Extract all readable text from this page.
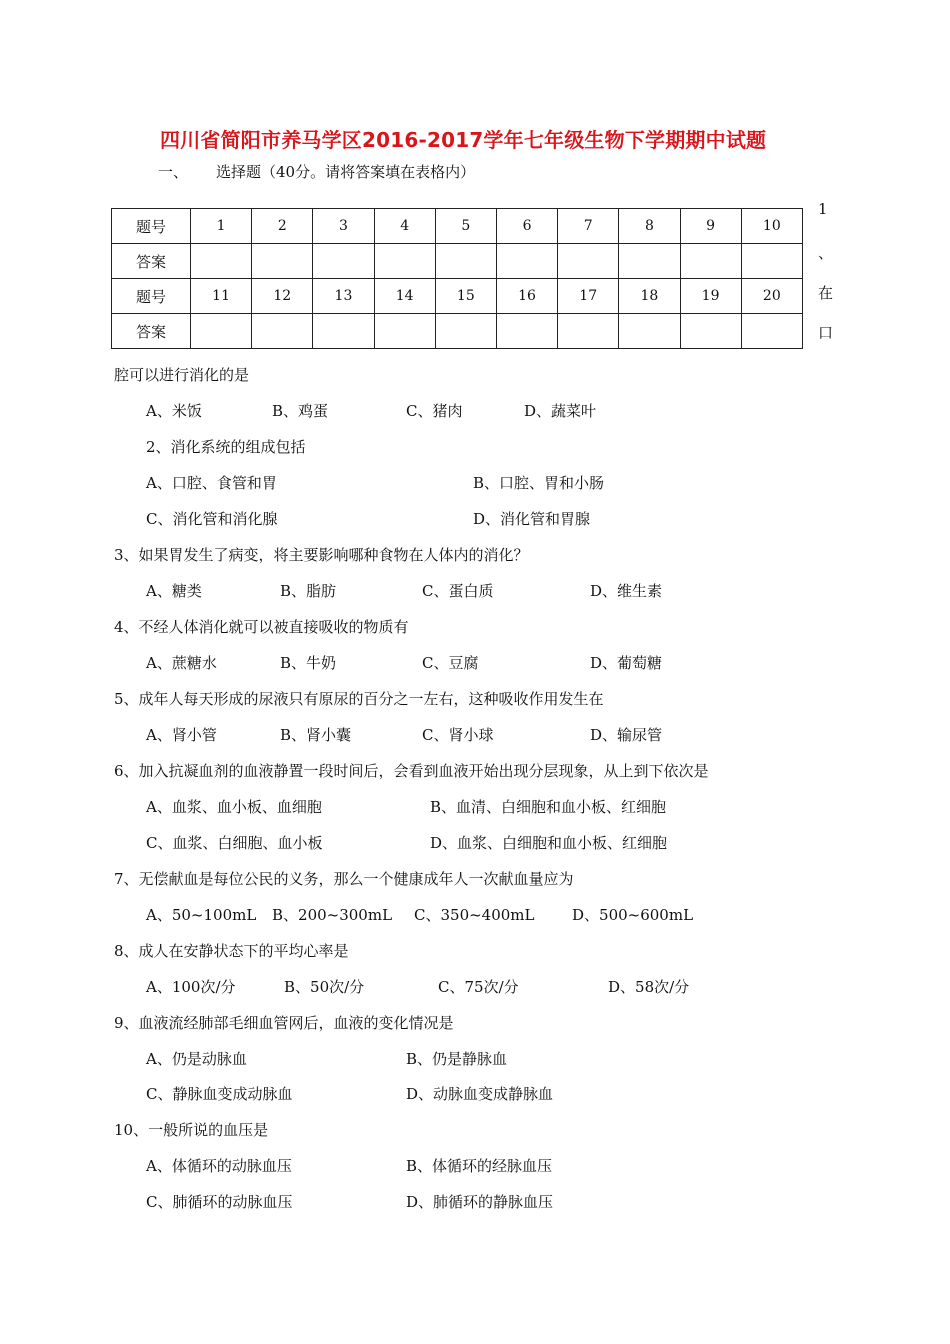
四川省简阳市养马学区2016-2017学年七年级生物下学期期中试题
一、 选择题（40分。请将答案填在表格内）
题号	1	2	3	4	5	6	7	8	9	10
答案										
题号	11	12	13	14	15	16	17	18	19	20
答案										
1
、
在
口
腔可以进行消化的是
A、米饭	B、鸡蛋	C、猪肉	D、蔬菜叶
2、消化系统的组成包括
A、口腔、食管和胃	B、口腔、胃和小肠
C、消化管和消化腺	D、消化管和胃腺
3、如果胃发生了病变，将主要影响哪种食物在人体内的消化？
A、糖类	B、脂肪	C、蛋白质	D、维生素
4、不经人体消化就可以被直接吸收的物质有
A、蔗糖水	B、牛奶	C、豆腐	D、葡萄糖
5、成年人每天形成的尿液只有原尿的百分之一左右，这种吸收作用发生在
A、肾小管	B、肾小囊	C、肾小球	D、输尿管
6、加入抗凝血剂的血液静置一段时间后，会看到血液开始出现分层现象，从上到下依次是
A、血浆、血小板、血细胞	B、血清、白细胞和血小板、红细胞
C、血浆、白细胞、血小板	D、血浆、白细胞和血小板、红细胞
7、无偿献血是每位公民的义务，那么一个健康成年人一次献血量应为
A、50~100mL B、200~300mL C、350~400mL	D、500~600mL
8、成人在安静状态下的平均心率是
A、100次/分	B、50次/分	C、75次/分	D、58次/分
9、血液流经肺部毛细血管网后，血液的变化情况是
A、仍是动脉血	B、仍是静脉血
C、静脉血变成动脉血	D、动脉血变成静脉血
10、一般所说的血压是
A、体循环的动脉血压	B、体循环的经脉血压
C、肺循环的动脉血压	D、肺循环的静脉血压
